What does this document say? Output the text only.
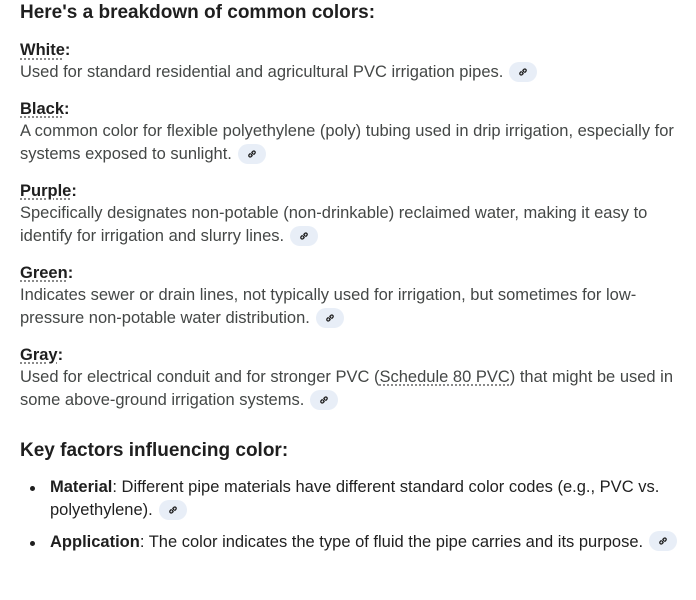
Here's a breakdown of common colors:
White:
Used for standard residential and agricultural PVC irrigation pipes.
Black:
A common color for flexible polyethylene (poly) tubing used in drip irrigation, especially for systems exposed to sunlight.
Purple:
Specifically designates non-potable (non-drinkable) reclaimed water, making it easy to identify for irrigation and slurry lines.
Green:
Indicates sewer or drain lines, not typically used for irrigation, but sometimes for low-pressure non-potable water distribution.
Gray:
Used for electrical conduit and for stronger PVC (Schedule 80 PVC) that might be used in some above-ground irrigation systems.
Key factors influencing color:
Material: Different pipe materials have different standard color codes (e.g., PVC vs. polyethylene).
Application: The color indicates the type of fluid the pipe carries and its purpose.
